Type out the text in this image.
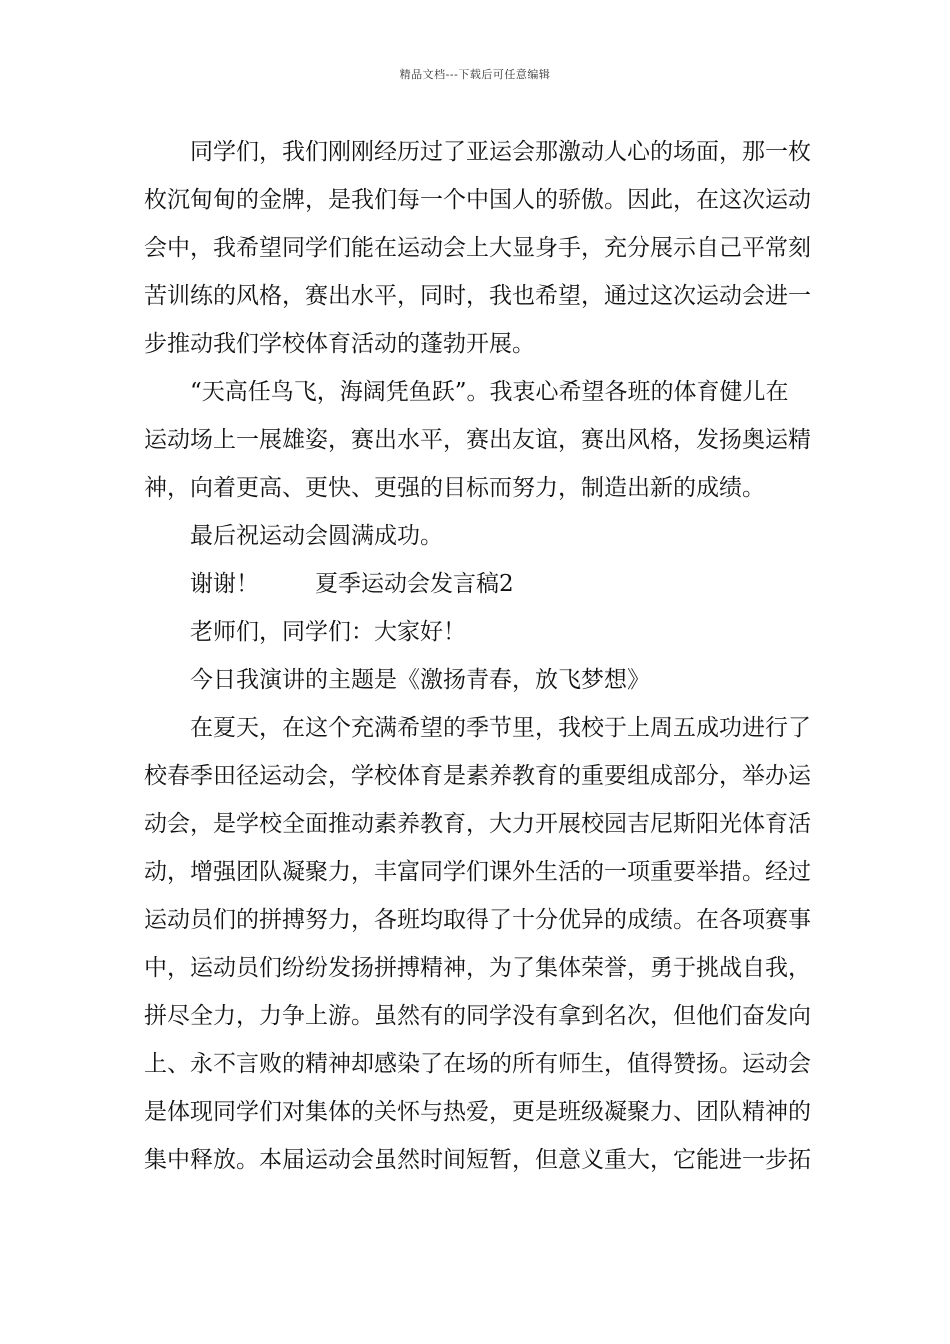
精品文档---下载后可任意编辑
同学们，我们刚刚经历过了亚运会那激动人心的场面，那一枚
枚沉甸甸的金牌，是我们每一个中国人的骄傲。因此，在这次运动
会中，我希望同学们能在运动会上大显身手，充分展示自己平常刻
苦训练的风格，赛出水平，同时，我也希望，通过这次运动会进一
步推动我们学校体育活动的蓬勃开展。
“天高任鸟飞，海阔凭鱼跃”。我衷心希望各班的体育健儿在
运动场上一展雄姿，赛出水平，赛出友谊，赛出风格，发扬奥运精
神，向着更高、更快、更强的目标而努力，制造出新的成绩。
最后祝运动会圆满成功。
谢谢！ 夏季运动会发言稿2
老师们，同学们：大家好！
今日我演讲的主题是《激扬青春，放飞梦想》
在夏天，在这个充满希望的季节里，我校于上周五成功进行了
校春季田径运动会，学校体育是素养教育的重要组成部分，举办运
动会，是学校全面推动素养教育，大力开展校园吉尼斯阳光体育活
动，增强团队凝聚力，丰富同学们课外生活的一项重要举措。经过
运动员们的拼搏努力，各班均取得了十分优异的成绩。在各项赛事
中，运动员们纷纷发扬拼搏精神，为了集体荣誉，勇于挑战自我，
拼尽全力，力争上游。虽然有的同学没有拿到名次，但他们奋发向
上、永不言败的精神却感染了在场的所有师生，值得赞扬。运动会
是体现同学们对集体的关怀与热爱，更是班级凝聚力、团队精神的
集中释放。本届运动会虽然时间短暂，但意义重大，它能进一步拓
